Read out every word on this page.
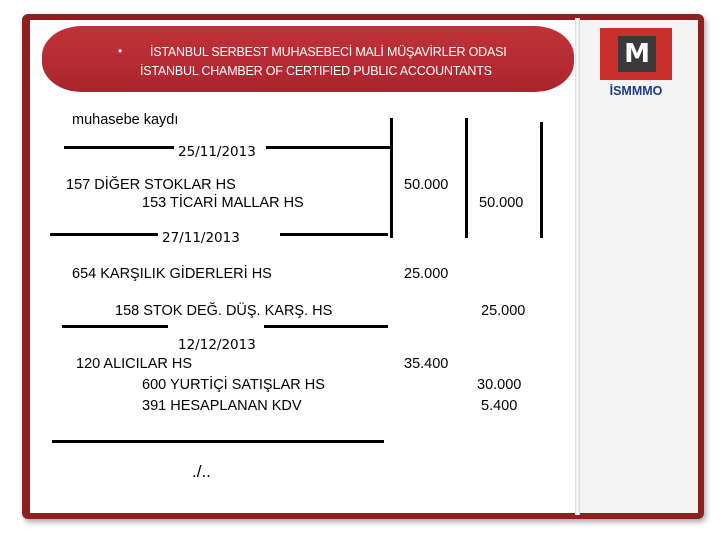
• İSTANBUL SERBEST MUHASEBECİ MALİ MÜŞAVİRLER ODASI
İSTANBUL CHAMBER OF CERTIFIED PUBLIC ACCOUNTANTS
M
İSMMMO
muhasebe kaydı
25/11/2013
157 DİĞER STOKLAR HS
153 TİCARİ MALLAR HS
50.000
50.000
27/11/2013
654 KARŞILIK GİDERLERİ HS
158 STOK DEĞ. DÜŞ. KARŞ. HS
25.000
25.000
12/12/2013
120 ALICILAR HS
600 YURTİÇİ SATIŞLAR HS
391 HESAPLANAN KDV
35.400
30.000
5.400
./..
